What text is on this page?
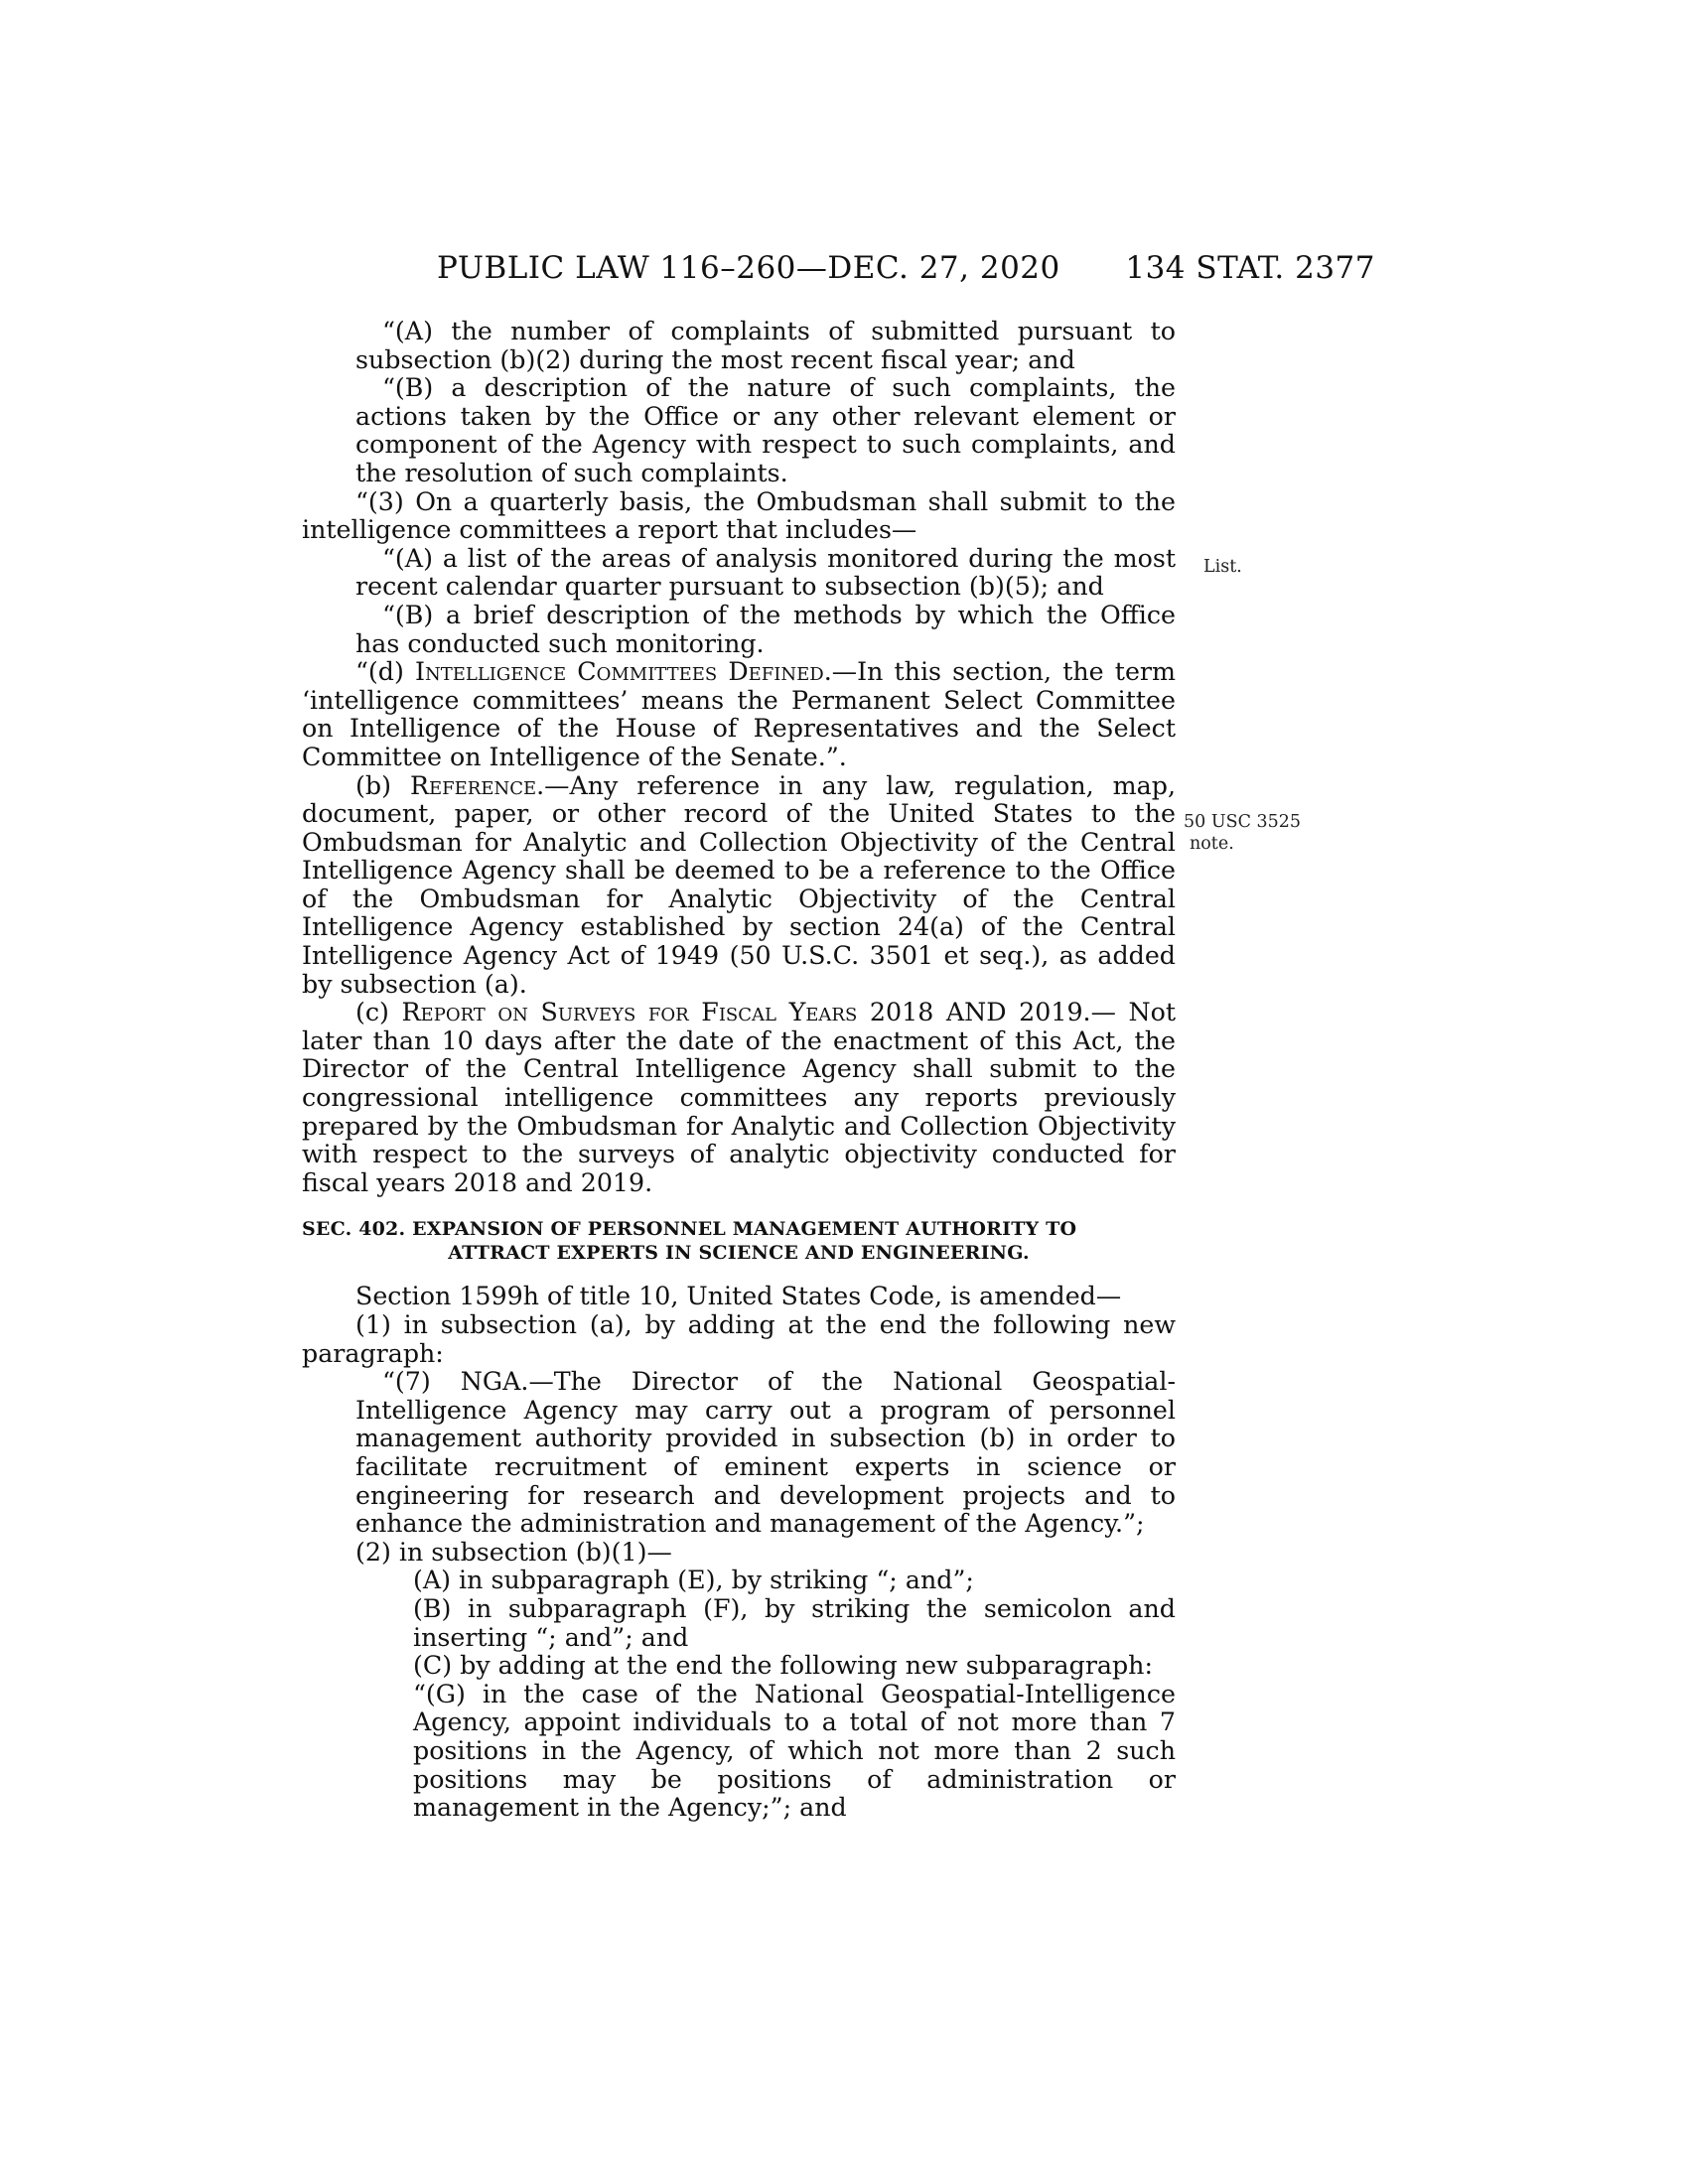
PUBLIC LAW 116–260—DEC. 27, 2020 134 STAT. 2377
List.
50 USC 3525
note.

“(A) the number of complaints of submitted pursuant to subsection (b)(2) during the most recent fiscal year; and

“(B) a description of the nature of such complaints, the actions taken by the Office or any other relevant element or component of the Agency with respect to such complaints, and the resolution of such complaints.

“(3) On a quarterly basis, the Ombudsman shall submit to the intelligence committees a report that includes—

“(A) a list of the areas of analysis monitored during the most recent calendar quarter pursuant to subsection (b)(5); and

“(B) a brief description of the methods by which the Office has conducted such monitoring.

“(d) Intelligence Committees Defined.—In this section, the term ‘intelligence committees’ means the Permanent Select Committee on Intelligence of the House of Representatives and the Select Committee on Intelligence of the Senate.”.

(b) Reference.—Any reference in any law, regulation, map, document, paper, or other record of the United States to the Ombudsman for Analytic and Collection Objectivity of the Central Intelligence Agency shall be deemed to be a reference to the Office of the Ombudsman for Analytic Objectivity of the Central Intelligence Agency established by section 24(a) of the Central Intelligence Agency Act of 1949 (50 U.S.C. 3501 et seq.), as added by subsection (a).

(c) Report on Surveys for Fiscal Years 2018 AND 2019.— Not later than 10 days after the date of the enactment of this Act, the Director of the Central Intelligence Agency shall submit to the congressional intelligence committees any reports previously prepared by the Ombudsman for Analytic and Collection Objectivity with respect to the surveys of analytic objectivity conducted for fiscal years 2018 and 2019.

SEC. 402. EXPANSION OF PERSONNEL MANAGEMENT AUTHORITY TO
ATTRACT EXPERTS IN SCIENCE AND ENGINEERING.

Section 1599h of title 10, United States Code, is amended—

(1) in subsection (a), by adding at the end the following new paragraph:

“(7) NGA.—The Director of the National Geospatial-Intelligence Agency may carry out a program of personnel management authority provided in subsection (b) in order to facilitate recruitment of eminent experts in science or engineering for research and development projects and to enhance the administration and management of the Agency.”;

(2) in subsection (b)(1)—

(A) in subparagraph (E), by striking “; and”;

(B) in subparagraph (F), by striking the semicolon and inserting “; and”; and

(C) by adding at the end the following new subparagraph:

“(G) in the case of the National Geospatial-Intelligence Agency, appoint individuals to a total of not more than 7 positions in the Agency, of which not more than 2 such positions may be positions of administration or management in the Agency;”; and
